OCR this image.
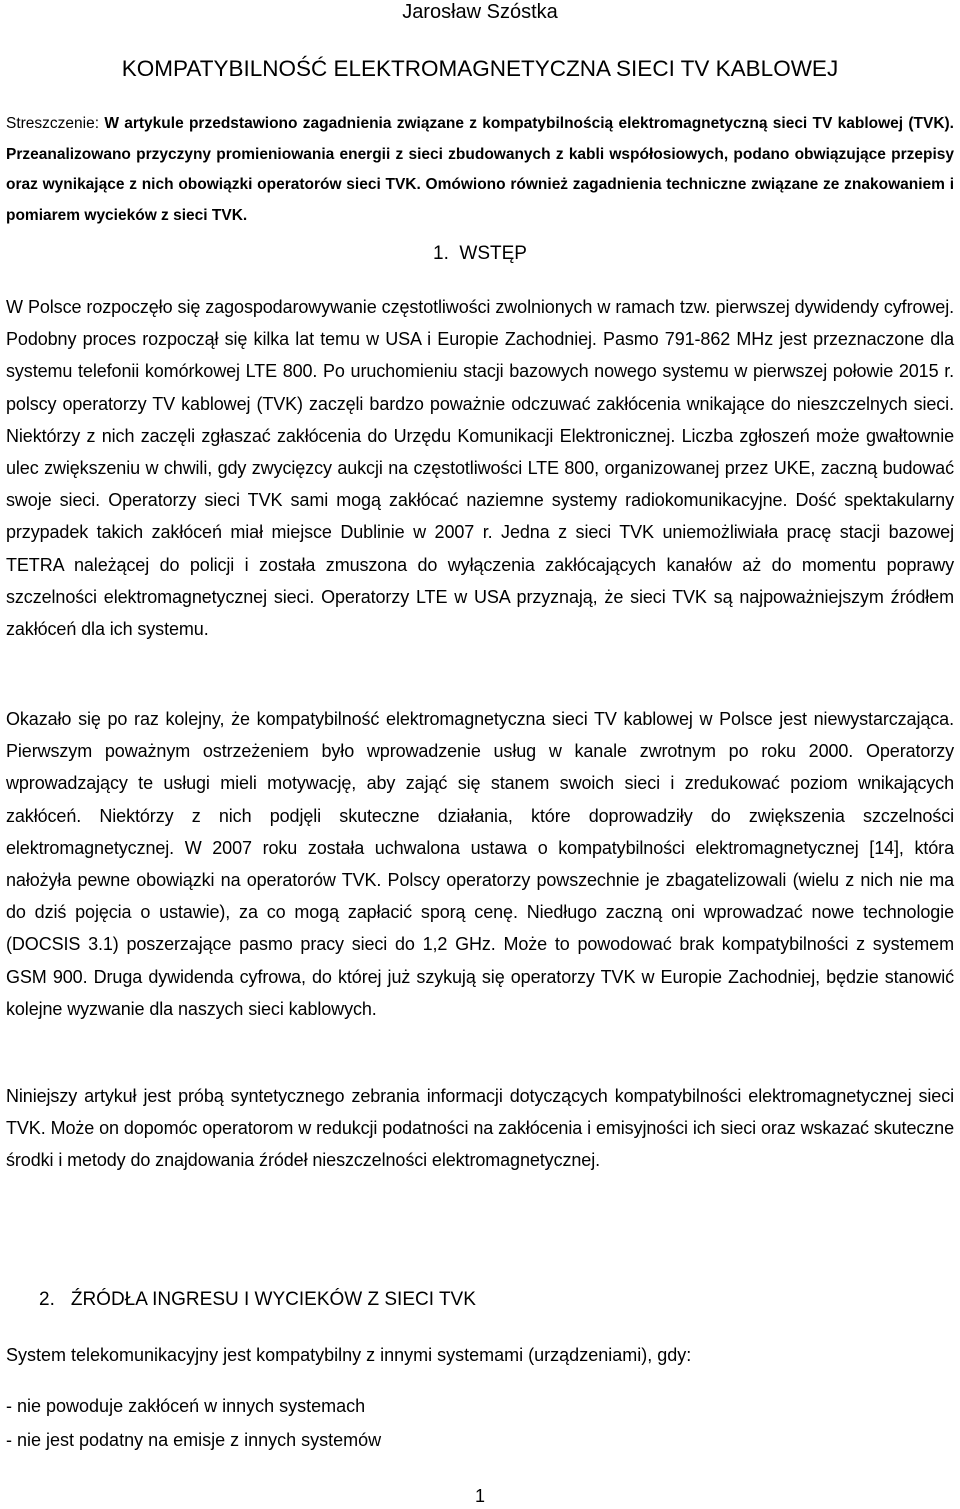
Jarosław Szóstka
KOMPATYBILNOŚĆ ELEKTROMAGNETYCZNA SIECI TV KABLOWEJ
Streszczenie: W artykule przedstawiono zagadnienia związane z kompatybilnością elektromagnetyczną sieci TV kablowej (TVK). Przeanalizowano przyczyny promieniowania energii z sieci zbudowanych z kabli współosiowych, podano obwiązujące przepisy oraz wynikające z nich obowiązki operatorów sieci TVK. Omówiono również zagadnienia techniczne związane ze znakowaniem i pomiarem wycieków z sieci TVK.
1.  WSTĘP
W Polsce rozpoczęło się zagospodarowywanie częstotliwości zwolnionych w ramach tzw. pierwszej dywidendy cyfrowej. Podobny proces rozpoczął się kilka lat temu w USA i Europie Zachodniej. Pasmo 791-862 MHz jest przeznaczone dla systemu telefonii komórkowej LTE 800. Po uruchomieniu stacji bazowych nowego systemu w pierwszej połowie 2015 r. polscy operatorzy TV kablowej (TVK) zaczęli bardzo poważnie odczuwać zakłócenia wnikające do nieszczelnych sieci. Niektórzy z nich zaczęli zgłaszać zakłócenia do Urzędu Komunikacji Elektronicznej. Liczba zgłoszeń może gwałtownie ulec zwiększeniu w chwili, gdy zwycięzcy aukcji na częstotliwości LTE 800, organizowanej przez UKE, zaczną budować swoje sieci. Operatorzy sieci TVK sami mogą zakłócać naziemne systemy radiokomunikacyjne. Dość spektakularny przypadek takich zakłóceń miał miejsce Dublinie w 2007 r. Jedna z sieci TVK uniemożliwiała pracę stacji bazowej TETRA należącej do policji i została zmuszona do wyłączenia zakłócających kanałów aż do momentu poprawy szczelności elektromagnetycznej sieci. Operatorzy LTE w USA przyznają, że sieci TVK są najpoważniejszym źródłem zakłóceń dla ich systemu.
Okazało się po raz kolejny, że kompatybilność elektromagnetyczna sieci TV kablowej w Polsce jest niewystarczająca. Pierwszym poważnym ostrzeżeniem było wprowadzenie usług w kanale zwrotnym po roku 2000. Operatorzy wprowadzający te usługi mieli motywację, aby zająć się stanem swoich sieci i zredukować poziom wnikających zakłóceń. Niektórzy z nich podjęli skuteczne działania, które doprowadziły do zwiększenia szczelności elektromagnetycznej. W 2007 roku została uchwalona ustawa o kompatybilności elektromagnetycznej [14], która nałożyła pewne obowiązki na operatorów TVK. Polscy operatorzy powszechnie je zbagatelizowali (wielu z nich nie ma do dziś pojęcia o ustawie), za co mogą zapłacić sporą cenę. Niedługo zaczną oni wprowadzać nowe technologie (DOCSIS 3.1) poszerzające pasmo pracy sieci do 1,2 GHz. Może to powodować brak kompatybilności z systemem GSM 900. Druga dywidenda cyfrowa, do której już szykują się operatorzy TVK w Europie Zachodniej, będzie stanowić kolejne wyzwanie dla naszych sieci kablowych.
Niniejszy artykuł jest próbą syntetycznego zebrania informacji dotyczących kompatybilności elektromagnetycznej sieci TVK. Może on dopomóc operatorom w redukcji podatności na zakłócenia i emisyjności ich sieci oraz wskazać skuteczne środki i metody do znajdowania źródeł nieszczelności elektromagnetycznej.
2. ŹRÓDŁA INGRESU I WYCIEKÓW Z SIECI TVK
System telekomunikacyjny jest kompatybilny z innymi systemami (urządzeniami), gdy:
- nie powoduje zakłóceń w innych systemach
- nie jest podatny na emisje z innych systemów
1
